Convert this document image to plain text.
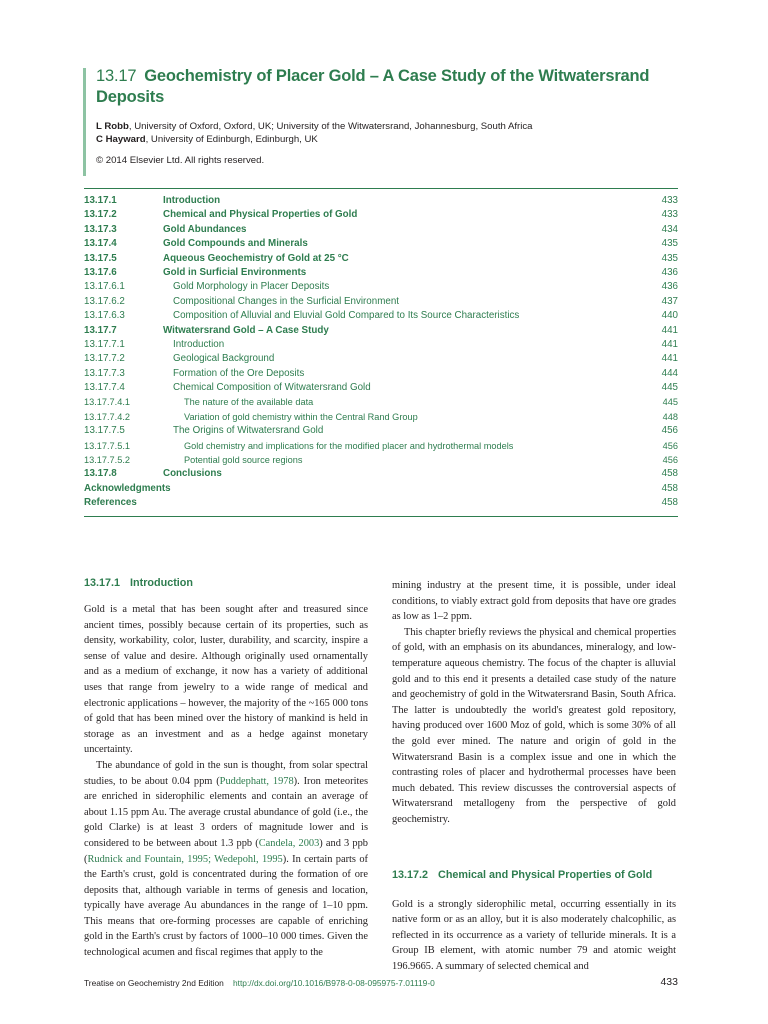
13.17 Geochemistry of Placer Gold – A Case Study of the Witwatersrand Deposits
L Robb, University of Oxford, Oxford, UK; University of the Witwatersrand, Johannesburg, South Africa
C Hayward, University of Edinburgh, Edinburgh, UK
© 2014 Elsevier Ltd. All rights reserved.
13.17.1	Introduction	433
13.17.2	Chemical and Physical Properties of Gold	433
13.17.3	Gold Abundances	434
13.17.4	Gold Compounds and Minerals	435
13.17.5	Aqueous Geochemistry of Gold at 25 °C	435
13.17.6	Gold in Surficial Environments	436
13.17.6.1	Gold Morphology in Placer Deposits	436
13.17.6.2	Compositional Changes in the Surficial Environment	437
13.17.6.3	Composition of Alluvial and Eluvial Gold Compared to Its Source Characteristics	440
13.17.7	Witwatersrand Gold – A Case Study	441
13.17.7.1	Introduction	441
13.17.7.2	Geological Background	441
13.17.7.3	Formation of the Ore Deposits	444
13.17.7.4	Chemical Composition of Witwatersrand Gold	445
13.17.7.4.1	The nature of the available data	445
13.17.7.4.2	Variation of gold chemistry within the Central Rand Group	448
13.17.7.5	The Origins of Witwatersrand Gold	456
13.17.7.5.1	Gold chemistry and implications for the modified placer and hydrothermal models	456
13.17.7.5.2	Potential gold source regions	456
13.17.8	Conclusions	458
Acknowledgments	458
References	458
13.17.1 Introduction

Gold is a metal that has been sought after and treasured since ancient times, possibly because certain of its properties, such as density, workability, color, luster, durability, and scarcity, inspire a sense of value and desire. Although originally used ornamentally and as a medium of exchange, it now has a variety of additional uses that range from jewelry to a wide range of medical and electronic applications – however, the majority of the ~165 000 tons of gold that has been mined over the history of mankind is held in storage as an investment and as a hedge against monetary uncertainty.

The abundance of gold in the sun is thought, from solar spectral studies, to be about 0.04 ppm (Puddephatt, 1978). Iron meteorites are enriched in siderophilic elements and contain an average of about 1.15 ppm Au. The average crustal abundance of gold (i.e., the gold Clarke) is at least 3 orders of magnitude lower and is considered to be between about 1.3 ppb (Candela, 2003) and 3 ppb (Rudnick and Fountain, 1995; Wedepohl, 1995). In certain parts of the Earth's crust, gold is concentrated during the formation of ore deposits that, although variable in terms of genesis and location, typically have average Au abundances in the range of 1–10 ppm. This means that ore-forming processes are capable of enriching gold in the Earth's crust by factors of 1000–10 000 times. Given the technological acumen and fiscal regimes that apply to the

mining industry at the present time, it is possible, under ideal conditions, to viably extract gold from deposits that have ore grades as low as 1–2 ppm.

This chapter briefly reviews the physical and chemical properties of gold, with an emphasis on its abundances, mineralogy, and low-temperature aqueous chemistry. The focus of the chapter is alluvial gold and to this end it presents a detailed case study of the nature and geochemistry of gold in the Witwatersrand Basin, South Africa. The latter is undoubtedly the world's greatest gold repository, having produced over 1600 Moz of gold, which is some 30% of all the gold ever mined. The nature and origin of gold in the Witwatersrand Basin is a complex issue and one in which the contrasting roles of placer and hydrothermal processes have been much debated. This review discusses the controversial aspects of Witwatersrand metallogeny from the perspective of gold geochemistry.

13.17.2 Chemical and Physical Properties of Gold

Gold is a strongly siderophilic metal, occurring essentially in its native form or as an alloy, but it is also moderately chalcophilic, as reflected in its occurrence as a variety of telluride minerals. It is a Group IB element, with atomic number 79 and atomic weight 196.9665. A summary of selected chemical and

Treatise on Geochemistry 2nd Edition http://dx.doi.org/10.1016/B978-0-08-095975-7.01119-0	433
